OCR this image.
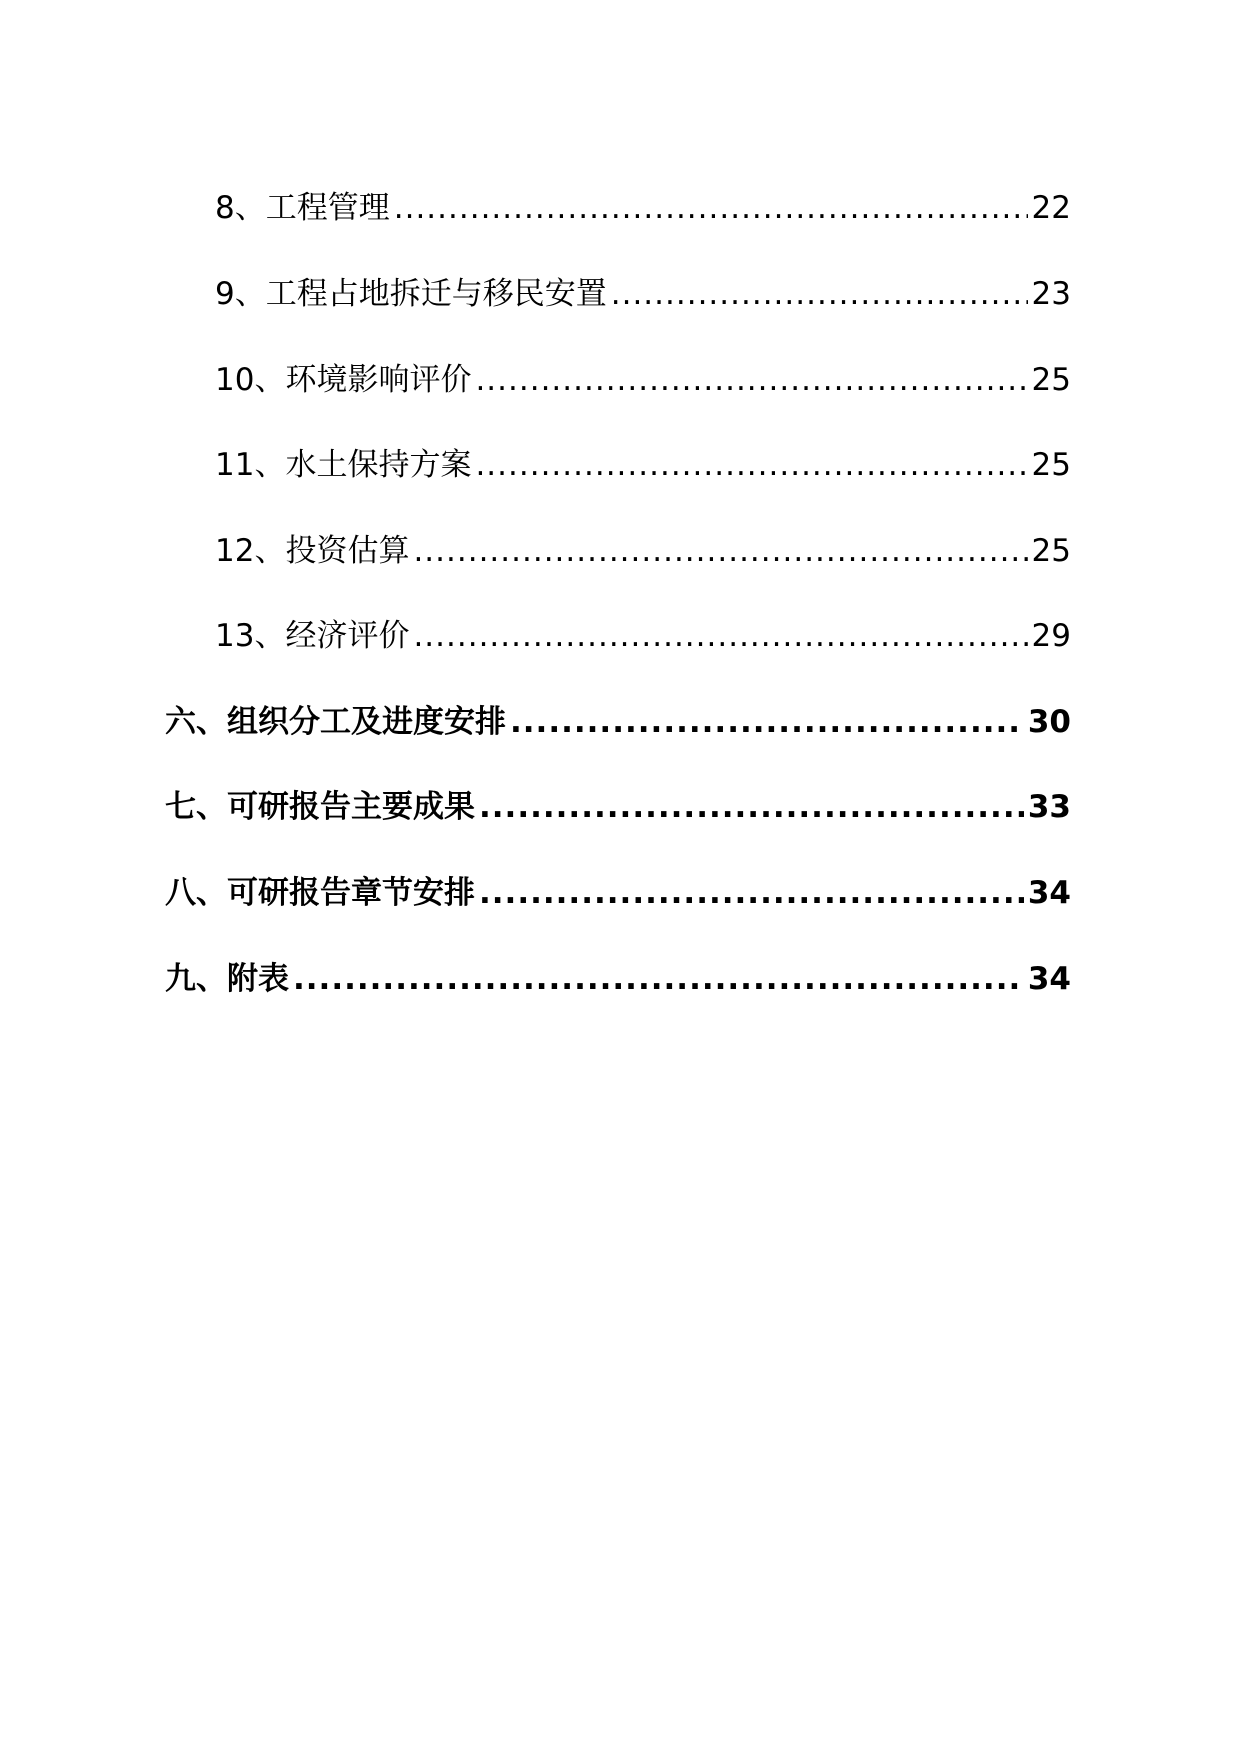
8、工程管理 .....	22
9、工程占地拆迁与移民安置 .....	23
10、环境影响评价 .....	25
11、水土保持方案 .....	25
12、投资估算 .....	25
13、经济评价 .....	29
六、组织分工及进度安排 .....	30
七、可研报告主要成果 .....	33
八、可研报告章节安排 .....	34
九、附表 .....	34
